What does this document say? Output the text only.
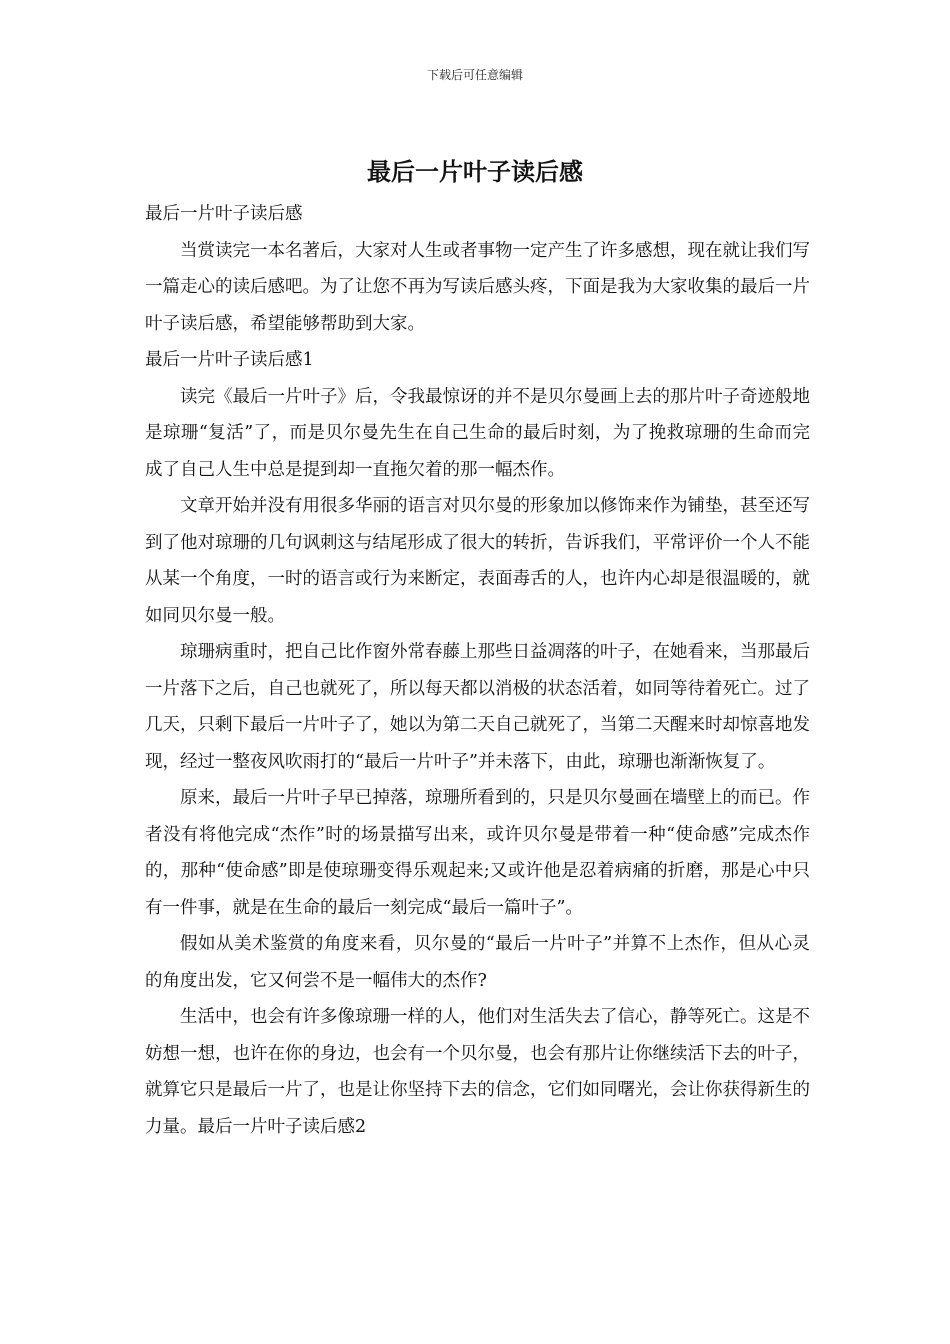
下载后可任意编辑
最后一片叶子读后感

最后一片叶子读后感

当赏读完一本名著后，大家对人生或者事物一定产生了许多感想，现在就让我们写一篇走心的读后感吧。为了让您不再为写读后感头疼，下面是我为大家收集的最后一片叶子读后感，希望能够帮助到大家。

最后一片叶子读后感1

读完《最后一片叶子》后，令我最惊讶的并不是贝尔曼画上去的那片叶子奇迹般地是琼珊“复活”了，而是贝尔曼先生在自己生命的最后时刻，为了挽救琼珊的生命而完成了自己人生中总是提到却一直拖欠着的那一幅杰作。

文章开始并没有用很多华丽的语言对贝尔曼的形象加以修饰来作为铺垫，甚至还写到了他对琼珊的几句讽刺这与结尾形成了很大的转折，告诉我们，平常评价一个人不能从某一个角度，一时的语言或行为来断定，表面毒舌的人，也许内心却是很温暖的，就如同贝尔曼一般。

琼珊病重时，把自己比作窗外常春藤上那些日益凋落的叶子，在她看来，当那最后一片落下之后，自己也就死了，所以每天都以消极的状态活着，如同等待着死亡。过了几天，只剩下最后一片叶子了，她以为第二天自己就死了，当第二天醒来时却惊喜地发现，经过一整夜风吹雨打的“最后一片叶子”并未落下，由此，琼珊也渐渐恢复了。

原来，最后一片叶子早已掉落，琼珊所看到的，只是贝尔曼画在墙壁上的而已。作者没有将他完成“杰作”时的场景描写出来，或许贝尔曼是带着一种“使命感”完成杰作的，那种“使命感”即是使琼珊变得乐观起来;又或许他是忍着病痛的折磨，那是心中只有一件事，就是在生命的最后一刻完成“最后一篇叶子”。

假如从美术鉴赏的角度来看，贝尔曼的“最后一片叶子”并算不上杰作，但从心灵的角度出发，它又何尝不是一幅伟大的杰作?

生活中，也会有许多像琼珊一样的人，他们对生活失去了信心，静等死亡。这是不妨想一想，也许在你的身边，也会有一个贝尔曼，也会有那片让你继续活下去的叶子，就算它只是最后一片了，也是让你坚持下去的信念，它们如同曙光，会让你获得新生的力量。最后一片叶子读后感2
